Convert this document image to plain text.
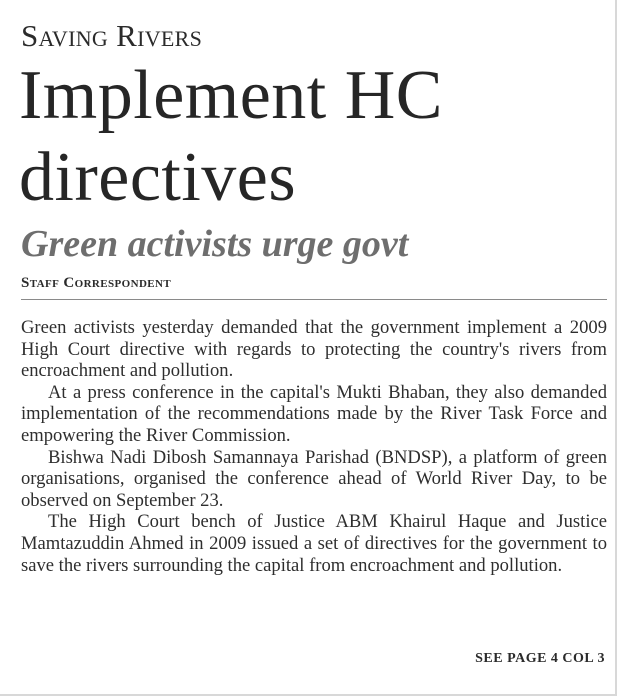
Saving Rivers
Implement HC directives
Green activists urge govt
Staff Correspondent

Green activists yesterday demanded that the government implement a 2009 High Court directive with regards to protecting the country's rivers from encroachment and pollution.

At a press conference in the capital's Mukti Bhaban, they also demanded implementation of the recommendations made by the River Task Force and empowering the River Commission.

Bishwa Nadi Dibosh Samannaya Parishad (BNDSP), a platform of green organisations, organised the conference ahead of World River Day, to be observed on September 23.

The High Court bench of Justice ABM Khairul Haque and Justice Mamtazuddin Ahmed in 2009 issued a set of directives for the government to save the rivers surrounding the capital from encroachment and pollution.

SEE PAGE 4 COL 3
